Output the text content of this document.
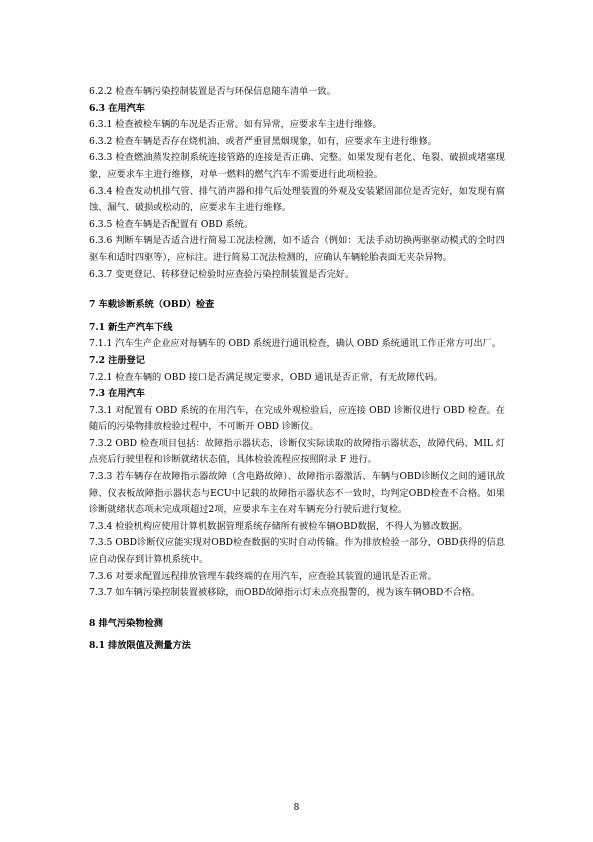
6.2.2 检查车辆污染控制装置是否与环保信息随车清单一致。
6.3 在用汽车
6.3.1 检查被检车辆的车况是否正常。如有异常，应要求车主进行维修。
6.3.2 检查车辆是否存在烧机油、或者严重冒黑烟现象，如有，应要求车主进行维修。
6.3.3 检查燃油蒸发控制系统连接管路的连接是否正确、完整。如果发现有老化、龟裂、破损或堵塞现象，应要求车主进行维修，对单一燃料的燃气汽车不需要进行此项检验。
6.3.4 检查发动机排气管、排气消声器和排气后处理装置的外观及安装紧固部位是否完好，如发现有腐蚀、漏气、破损或松动的，应要求车主进行维修。
6.3.5 检查车辆是否配置有 OBD 系统。
6.3.6 判断车辆是否适合进行简易工况法检测，如不适合（例如：无法手动切换两驱驱动模式的全时四驱车和适时四驱等），应标注。进行简易工况法检测的，应确认车辆轮胎表面无夹杂异物。
6.3.7 变更登记、转移登记检验时应查验污染控制装置是否完好。
7 车载诊断系统（OBD）检查
7.1 新生产汽车下线
7.1.1 汽车生产企业应对每辆车的 OBD 系统进行通讯检查，确认 OBD 系统通讯工作正常方可出厂。
7.2 注册登记
7.2.1 检查车辆的 OBD 接口是否满足规定要求，OBD 通讯是否正常，有无故障代码。
7.3 在用汽车
7.3.1 对配置有 OBD 系统的在用汽车，在完成外观检验后，应连接 OBD 诊断仪进行 OBD 检查。在随后的污染物排放检验过程中，不可断开 OBD 诊断仪。
7.3.2 OBD 检查项目包括：故障指示器状态，诊断仪实际读取的故障指示器状态，故障代码、MIL 灯点亮后行驶里程和诊断就绪状态值，具体检验流程应按照附录 F 进行。
7.3.3 若车辆存在故障指示器故障（含电路故障）、故障指示器激活、车辆与OBD诊断仪之间的通讯故障、仪表板故障指示器状态与ECU中记载的故障指示器状态不一致时，均判定OBD检查不合格。如果诊断就绪状态项未完成项超过2项，应要求车主在对车辆充分行驶后进行复检。
7.3.4 检验机构应使用计算机数据管理系统存储所有被检车辆OBD数据，不得人为篡改数据。
7.3.5 OBD诊断仪应能实现对OBD检查数据的实时自动传输。作为排放检验一部分，OBD获得的信息应自动保存到计算机系统中。
7.3.6 对要求配置远程排放管理车载终端的在用汽车，应查验其装置的通讯是否正常。
7.3.7 如车辆污染控制装置被移除，而OBD故障指示灯未点亮报警的，视为该车辆OBD不合格。
8 排气污染物检测
8.1 排放限值及测量方法
8
